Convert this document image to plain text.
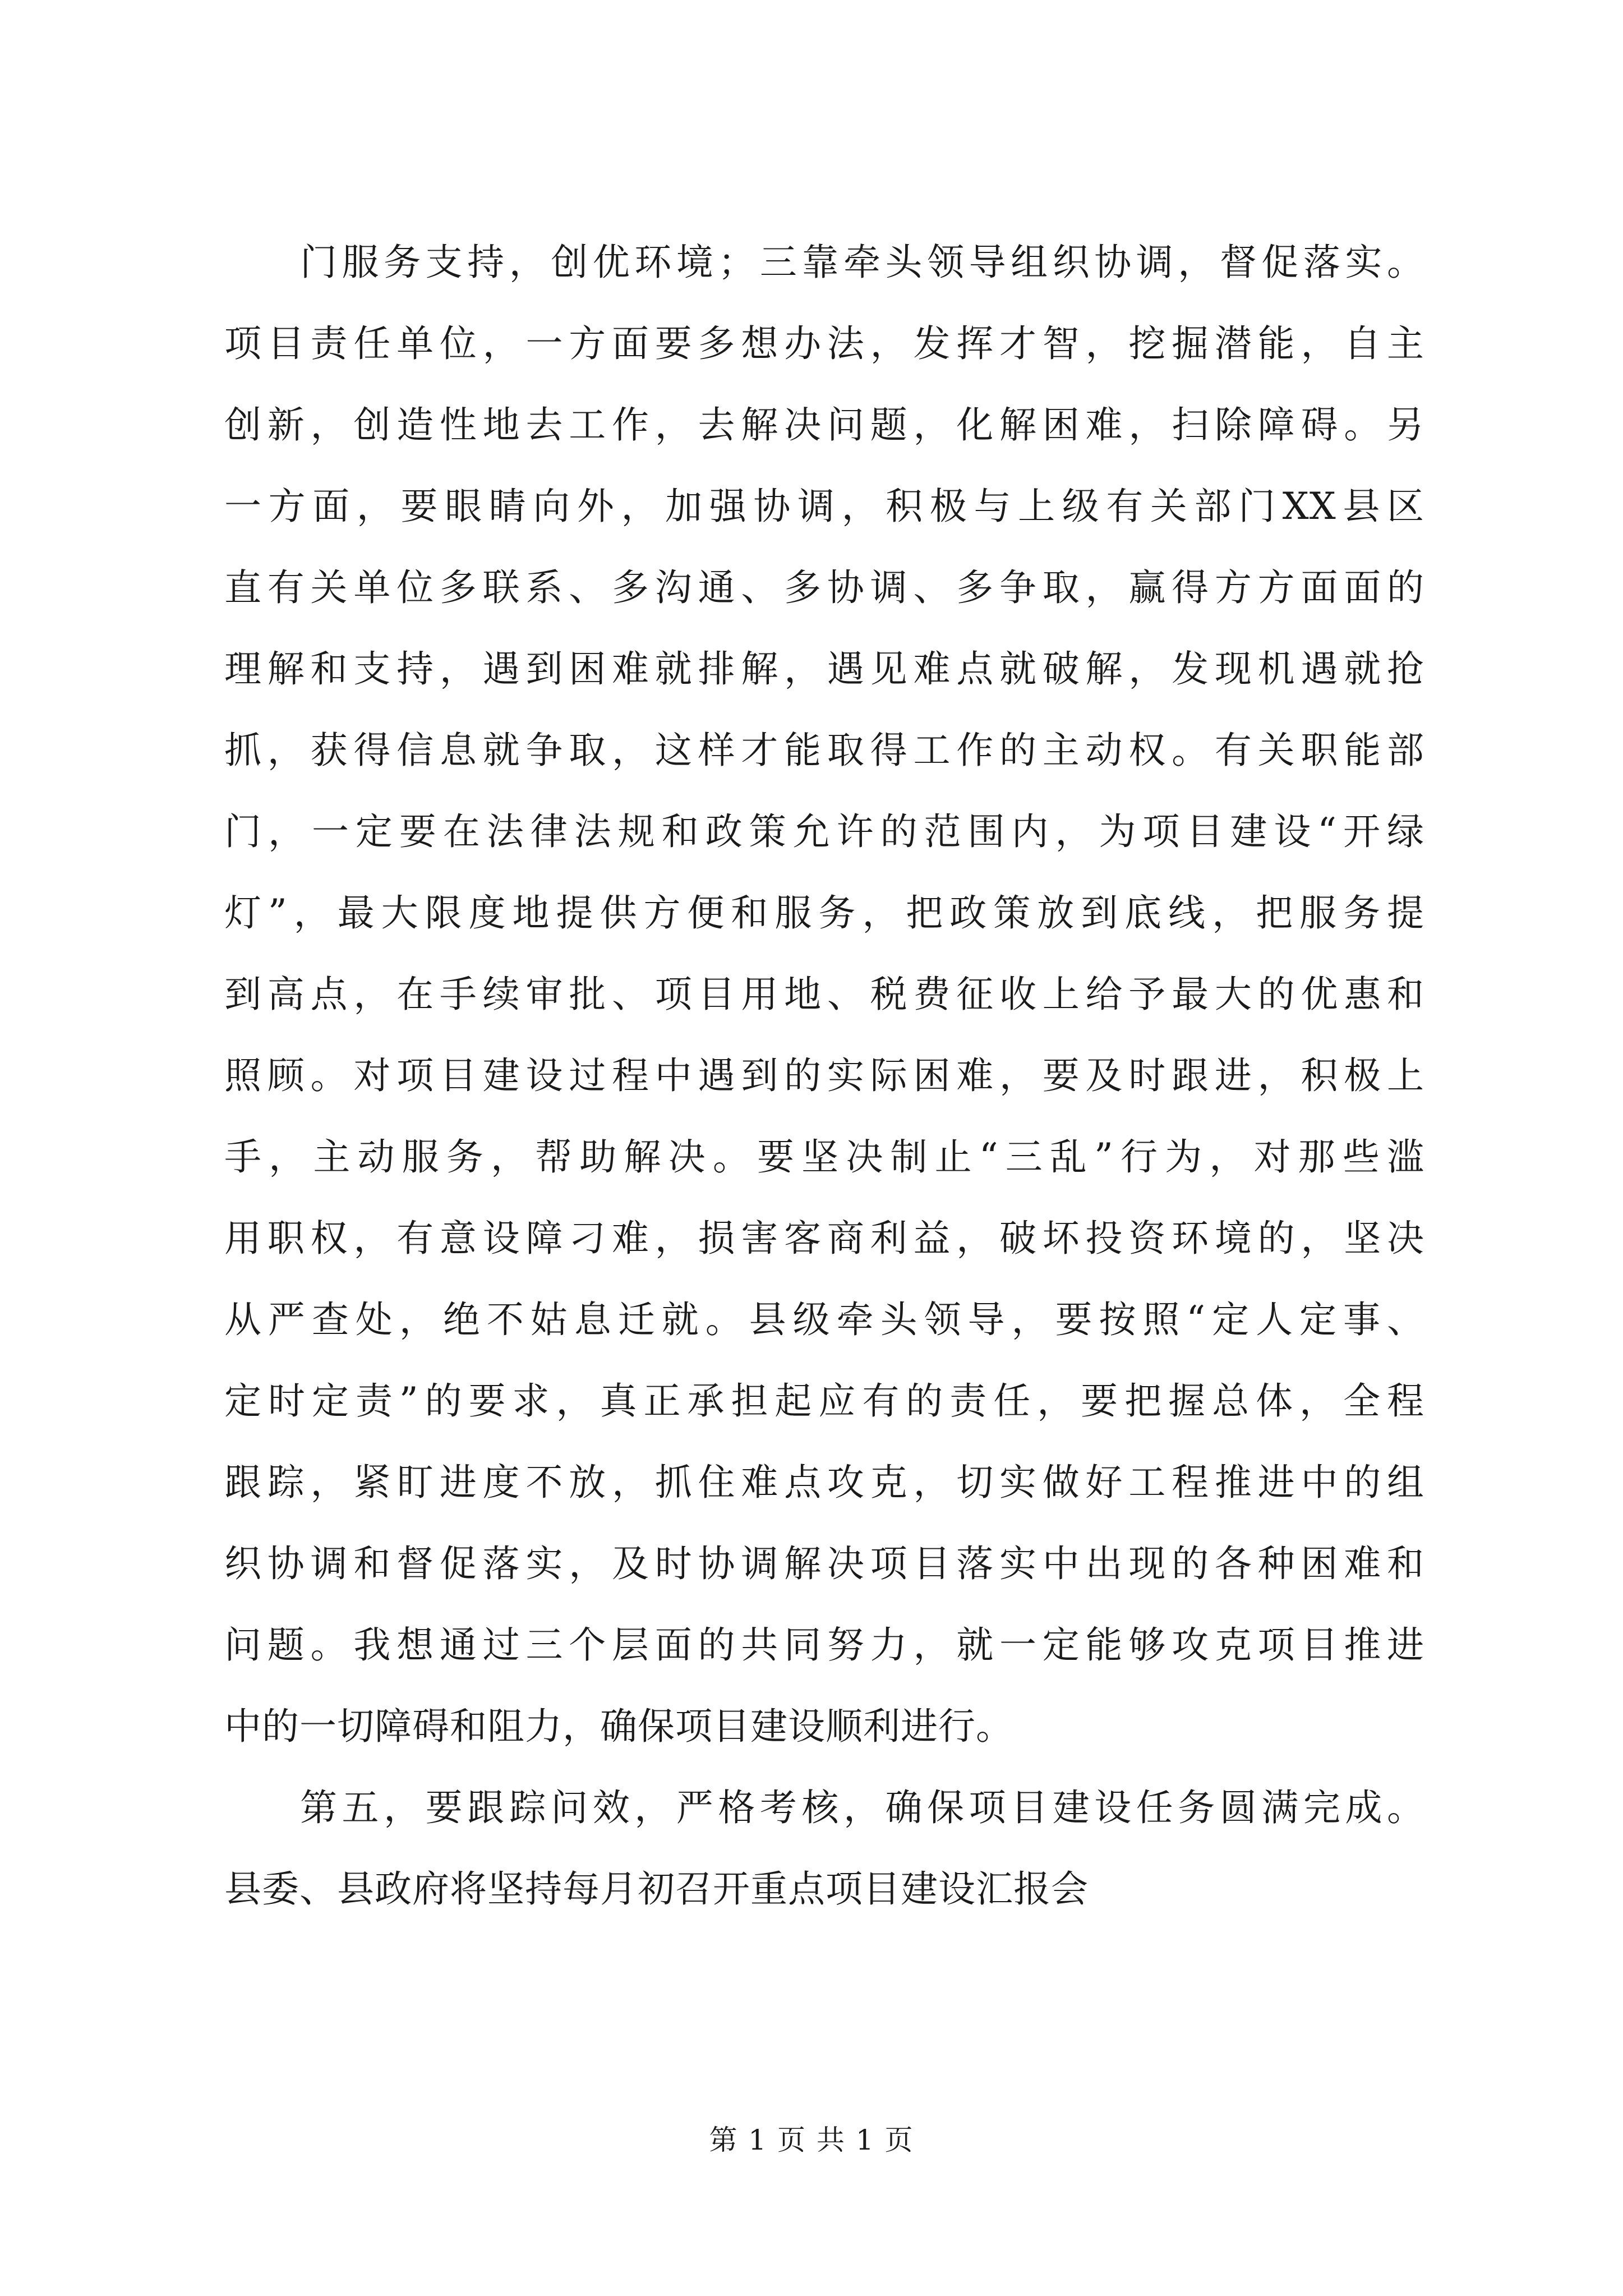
门服务支持，创优环境；三靠牵头领导组织协调，督促落实。
项目责任单位，一方面要多想办法，发挥才智，挖掘潜能，自主
创新，创造性地去工作，去解决问题，化解困难，扫除障碍。另
一方面，要眼睛向外，加强协调，积极与上级有关部门XX县区
直有关单位多联系、多沟通、多协调、多争取，赢得方方面面的
理解和支持，遇到困难就排解，遇见难点就破解，发现机遇就抢
抓，获得信息就争取，这样才能取得工作的主动权。有关职能部
门，一定要在法律法规和政策允许的范围内，为项目建设“开绿
灯”，最大限度地提供方便和服务，把政策放到底线，把服务提
到高点，在手续审批、项目用地、税费征收上给予最大的优惠和
照顾。对项目建设过程中遇到的实际困难，要及时跟进，积极上
手，主动服务，帮助解决。要坚决制止“三乱”行为，对那些滥
用职权，有意设障刁难，损害客商利益，破坏投资环境的，坚决
从严查处，绝不姑息迁就。县级牵头领导，要按照“定人定事、
定时定责”的要求，真正承担起应有的责任，要把握总体，全程
跟踪，紧盯进度不放，抓住难点攻克，切实做好工程推进中的组
织协调和督促落实，及时协调解决项目落实中出现的各种困难和
问题。我想通过三个层面的共同努力，就一定能够攻克项目推进
中的一切障碍和阻力，确保项目建设顺利进行。
第五，要跟踪问效，严格考核，确保项目建设任务圆满完成。
县委、县政府将坚持每月初召开重点项目建设汇报会
第 1 页 共 1 页
